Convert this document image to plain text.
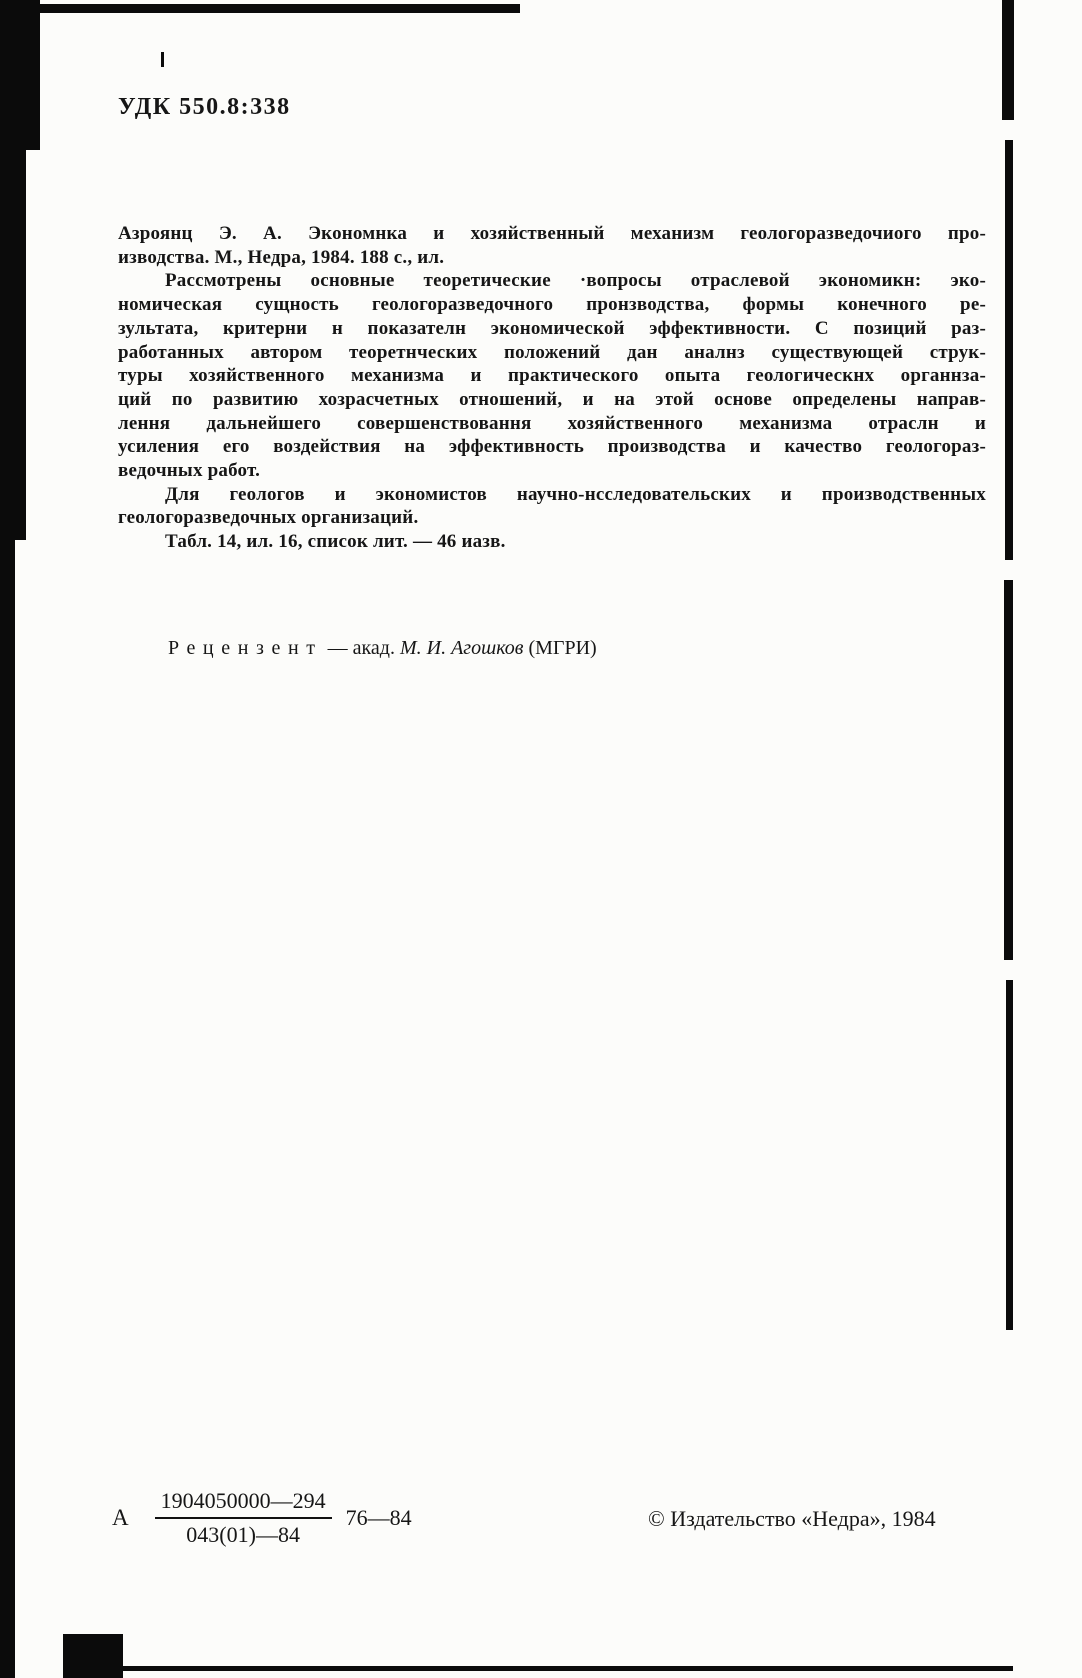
УДК 550.8:338
Азроянц Э. А. Экономнка и хозяйственный механизм геологоразведочиого про-
изводства. М., Недра, 1984. 188 с., ил.
Рассмотрены основные теоретические ·вопросы отраслевой экономикн: эко-
номическая сущность геологоразведочного пронзводства, формы конечного ре-
зультата, критерни н показателн экономической эффективности. С позиций раз-
работанных автором теоретнческих положений дан аналнз существующей струк-
туры хозяйственного механизма и практического опыта геологическнх органнза-
ций по развитию хозрасчетных отношений, и на этой основе определены направ-
лення дальнейшего совершенствовання хозяйственного механизма отраслн и
усиления его воздействия на эффективность производства и качество геологораз-
ведочных работ.
Для геологов и экономистов научно-нсследовательских и производственных
геологоразведочных организаций.
Табл. 14, ил. 16, список лит. — 46 иазв.
Рецензент — акад. М. И. Агошков (МГРИ)
А $\frac{1904050000—294}{043(01)—84}$ 76—84	© Издательство «Недра», 1984
